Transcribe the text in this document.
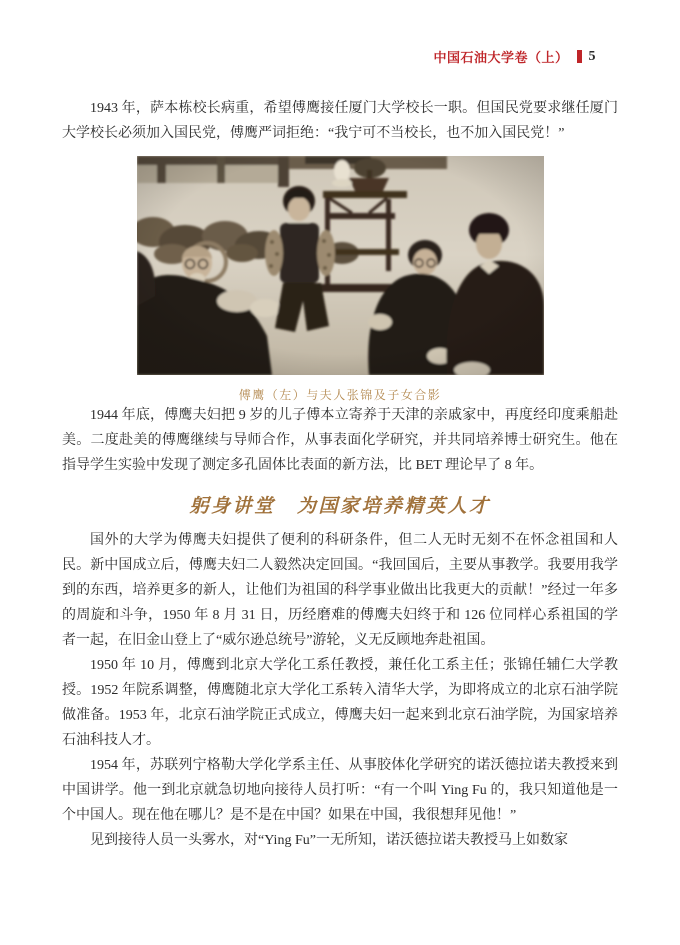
中国石油大学卷（上） 5

1943 年，萨本栋校长病重，希望傅鹰接任厦门大学校长一职。但国民党要求继任厦门大学校长必须加入国民党，傅鹰严词拒绝：“我宁可不当校长，也不加入国民党！”

傅鹰（左）与夫人张锦及子女合影

1944 年底，傅鹰夫妇把 9 岁的儿子傅本立寄养于天津的亲戚家中，再度经印度乘船赴美。二度赴美的傅鹰继续与导师合作，从事表面化学研究，并共同培养博士研究生。他在指导学生实验中发现了测定多孔固体比表面的新方法，比 BET 理论早了 8 年。

躬身讲堂　为国家培养精英人才

国外的大学为傅鹰夫妇提供了便利的科研条件，但二人无时无刻不在怀念祖国和人民。新中国成立后，傅鹰夫妇二人毅然决定回国。“我回国后，主要从事教学。我要用我学到的东西，培养更多的新人，让他们为祖国的科学事业做出比我更大的贡献！”经过一年多的周旋和斗争，1950 年 8 月 31 日，历经磨难的傅鹰夫妇终于和 126 位同样心系祖国的学者一起，在旧金山登上了“威尔逊总统号”游轮，义无反顾地奔赴祖国。

1950 年 10 月，傅鹰到北京大学化工系任教授，兼任化工系主任；张锦任辅仁大学教授。1952 年院系调整，傅鹰随北京大学化工系转入清华大学，为即将成立的北京石油学院做准备。1953 年，北京石油学院正式成立，傅鹰夫妇一起来到北京石油学院，为国家培养石油科技人才。

1954 年，苏联列宁格勒大学化学系主任、从事胶体化学研究的诺沃德拉诺夫教授来到中国讲学。他一到北京就急切地向接待人员打听：“有一个叫 Ying Fu 的，我只知道他是一个中国人。现在他在哪儿？是不是在中国？如果在中国，我很想拜见他！”

见到接待人员一头雾水，对“Ying Fu”一无所知，诺沃德拉诺夫教授马上如数家
